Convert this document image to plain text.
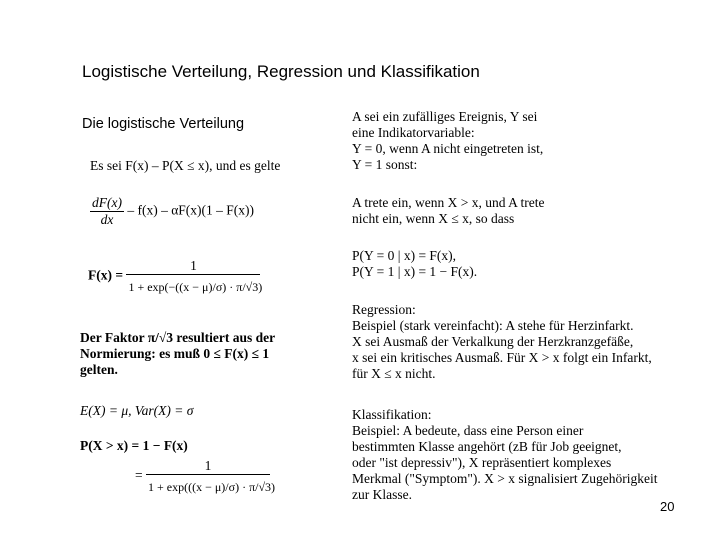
Logistische Verteilung, Regression und Klassifikation
Die logistische Verteilung
Es sei F(x) – P(X ≤ x), und es gelte
$\frac{dF(x)}{dx} - f(x) - \alpha F(x)(1 - F(x))$
$F(x) = \frac{1}{1 + \exp(-((x - \mu)/\sigma) \cdot \pi/√3)}$
Der Faktor π/√3 resultiert aus der
Normierung: es muß 0 ≤ F(x) ≤ 1
gelten.
E(X) = μ, Var(X) = σ
P(X > x) = 1 − F(x)
= $\frac{1}{1 + \exp(((x - \mu)/\sigma) \cdot \pi/√3)}$
A sei ein zufälliges Ereignis, Y sei
eine Indikatorvariable:
Y = 0, wenn A nicht eingetreten ist,
Y = 1 sonst:
A trete ein, wenn X > x, und A trete
nicht ein, wenn X ≤ x, so dass
P(Y = 0 | x) = F(x),
P(Y = 1 | x) = 1 − F(x).
Regression:
Beispiel (stark vereinfacht): A stehe für Herzinfarkt.
X sei Ausmaß der Verkalkung der Herzkranzgefäße,
x sei ein kritisches Ausmaß. Für X > x folgt ein Infarkt,
für X ≤ x nicht.
Klassifikation:
Beispiel: A bedeute, dass eine Person einer
bestimmten Klasse angehört (zB für Job geeignet,
oder "ist depressiv"), X repräsentiert komplexes
Merkmal ("Symptom"). X > x signalisiert Zugehörigkeit
zur Klasse.
20
